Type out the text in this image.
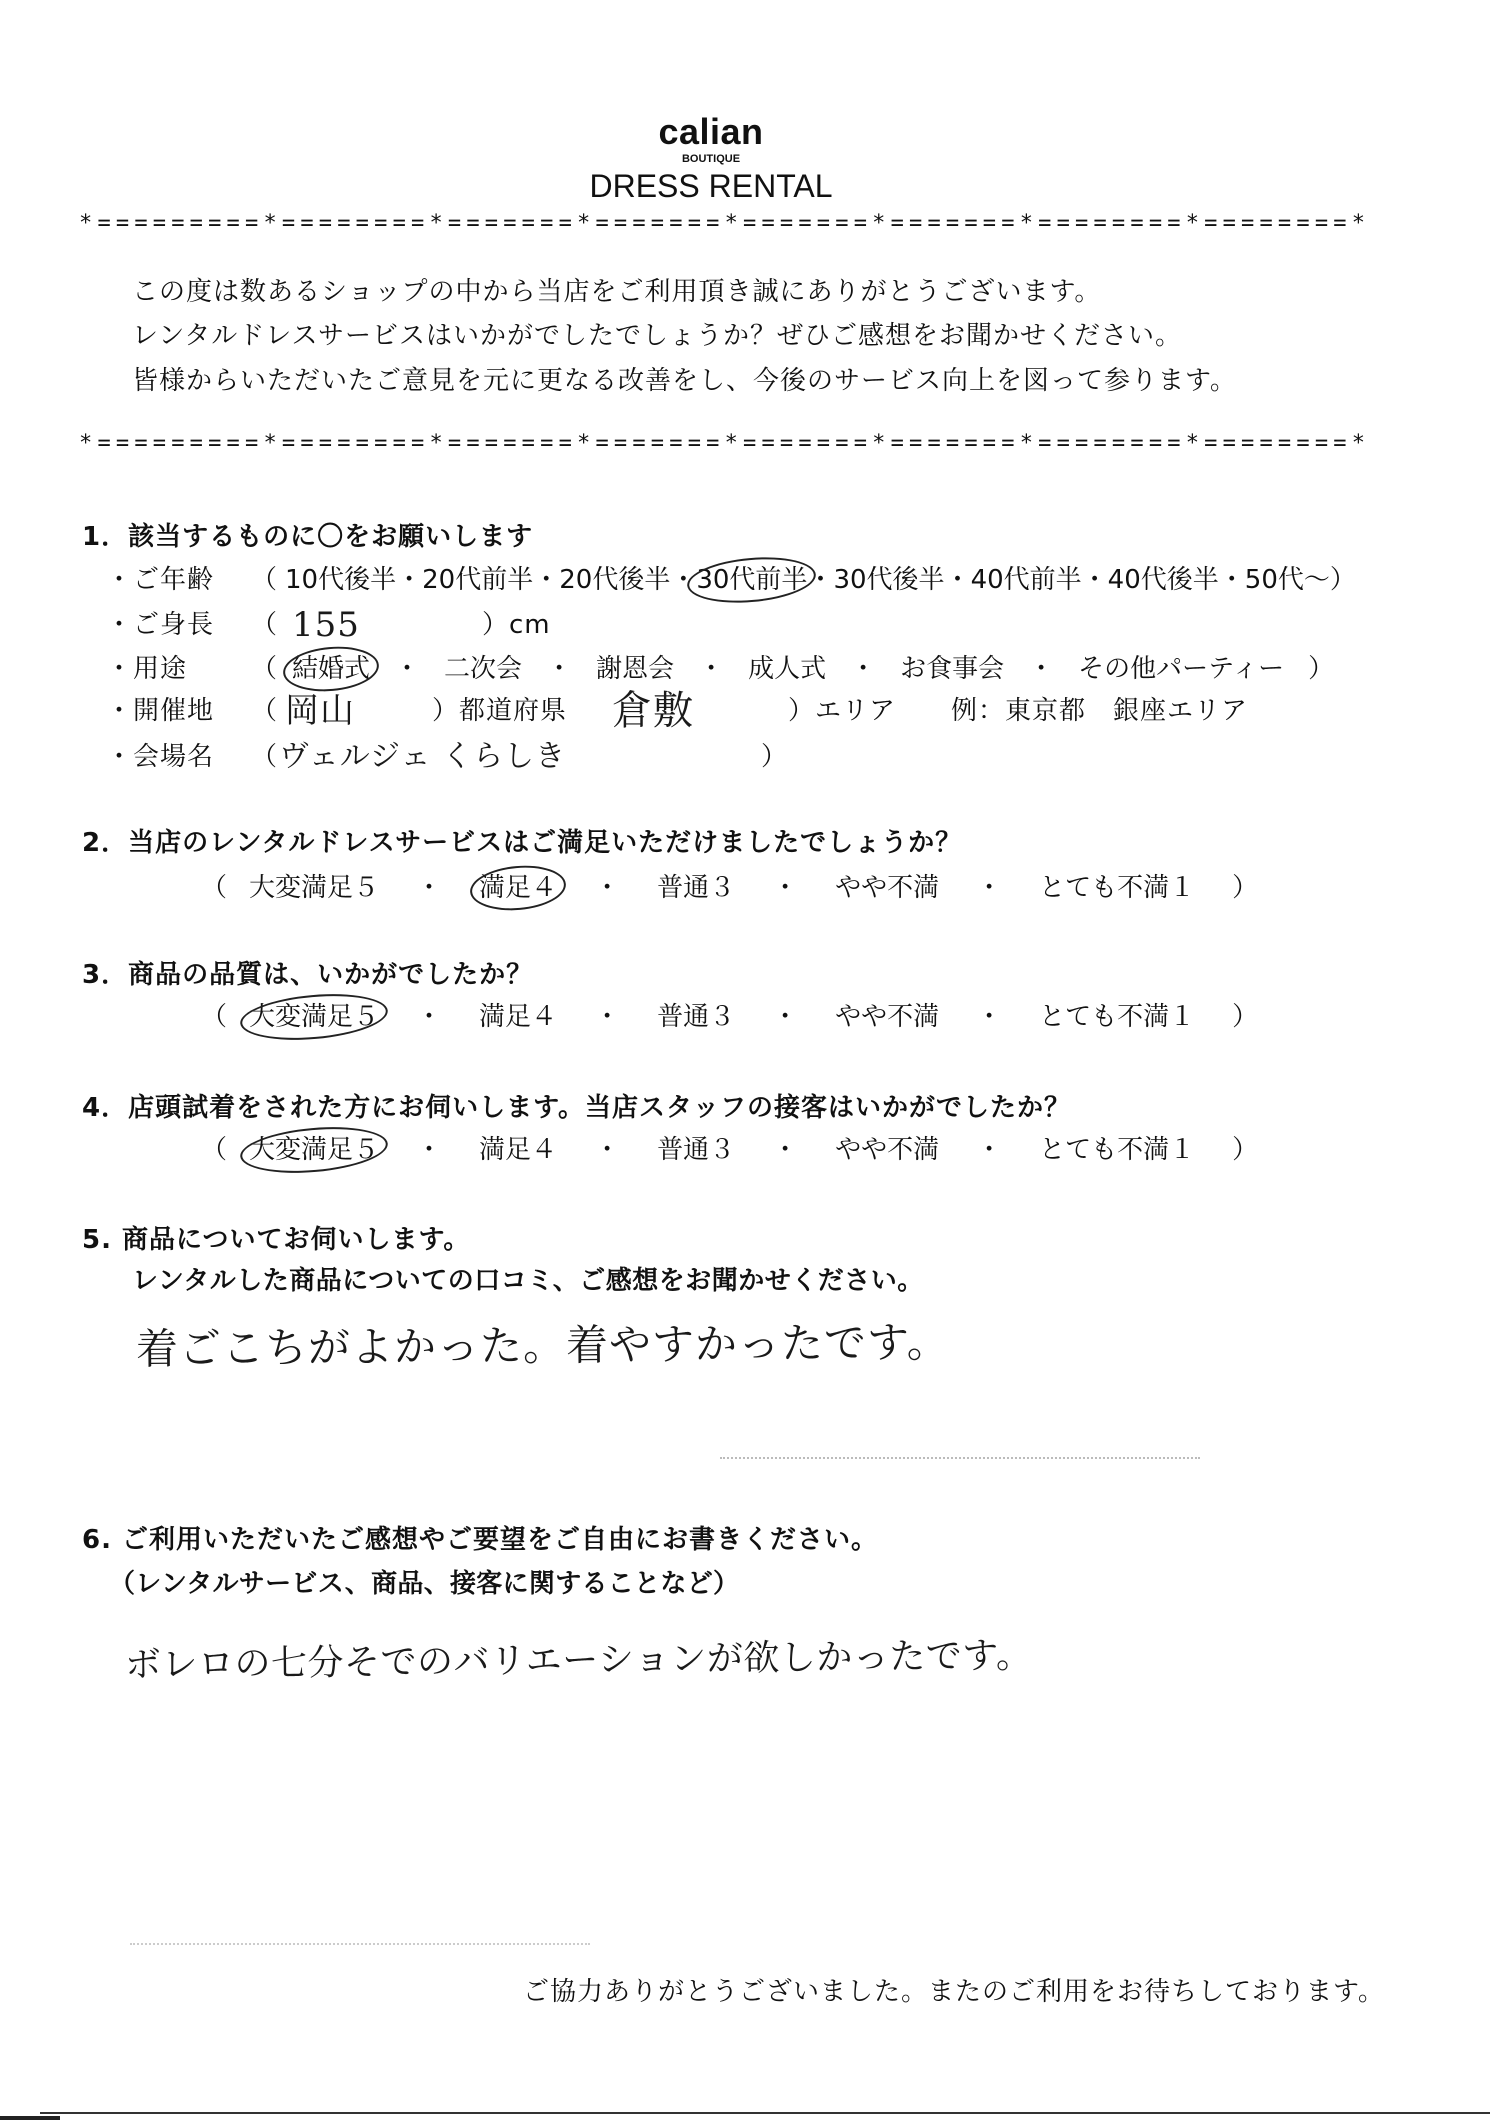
calian
BOUTIQUE
DRESS RENTAL
*=========*========*=======*=======*=======*=======*========*========*
この度は数あるショップの中から当店をご利用頂き誠にありがとうございます。
レンタルドレスサービスはいかがでしたでしょうか？ぜひご感想をお聞かせください。
皆様からいただいたご意見を元に更なる改善をし、今後のサービス向上を図って参ります。
*=========*========*=======*=======*=======*=======*========*========*
1．該当するものに〇をお願いします
・ご年齢 （ 10代後半 ・ 20代前半 ・ 20代後半 ・ 30代前半 ・ 30代後半 ・ 40代前半 ・ 40代後半 ・ 50代～ ）
・ご身長 （ 155	）cm
・用途 （ 結婚式 ・ 二次会 ・ 謝恩会 ・ 成人式 ・ お食事会 ・ その他パーティー ）
・開催地 （ 岡山	）都道府県 倉敷	）エリア 例：東京都　銀座エリア
・会場名 （ ヴェルジェ くらしき	）
2．当店のレンタルドレスサービスはご満足いただけましたでしょうか？
（ 大変満足５ ・ 満足４ ・ 普通３ ・ やや不満 ・ とても不満１ ）
3．商品の品質は、いかがでしたか？
（ 大変満足５ ・ 満足４ ・ 普通３ ・ やや不満 ・ とても不満１ ）
4．店頭試着をされた方にお伺いします。当店スタッフの接客はいかがでしたか？
（ 大変満足５ ・ 満足４ ・ 普通３ ・ やや不満 ・ とても不満１ ）
5. 商品についてお伺いします。
レンタルした商品についての口コミ、ご感想をお聞かせください。
着ごこちがよかった。着やすかったです。
6. ご利用いただいたご感想やご要望をご自由にお書きください。
（レンタルサービス、商品、接客に関することなど）
ボレロの七分そでのバリエーションが欲しかったです。
ご協力ありがとうございました。またのご利用をお待ちしております。
